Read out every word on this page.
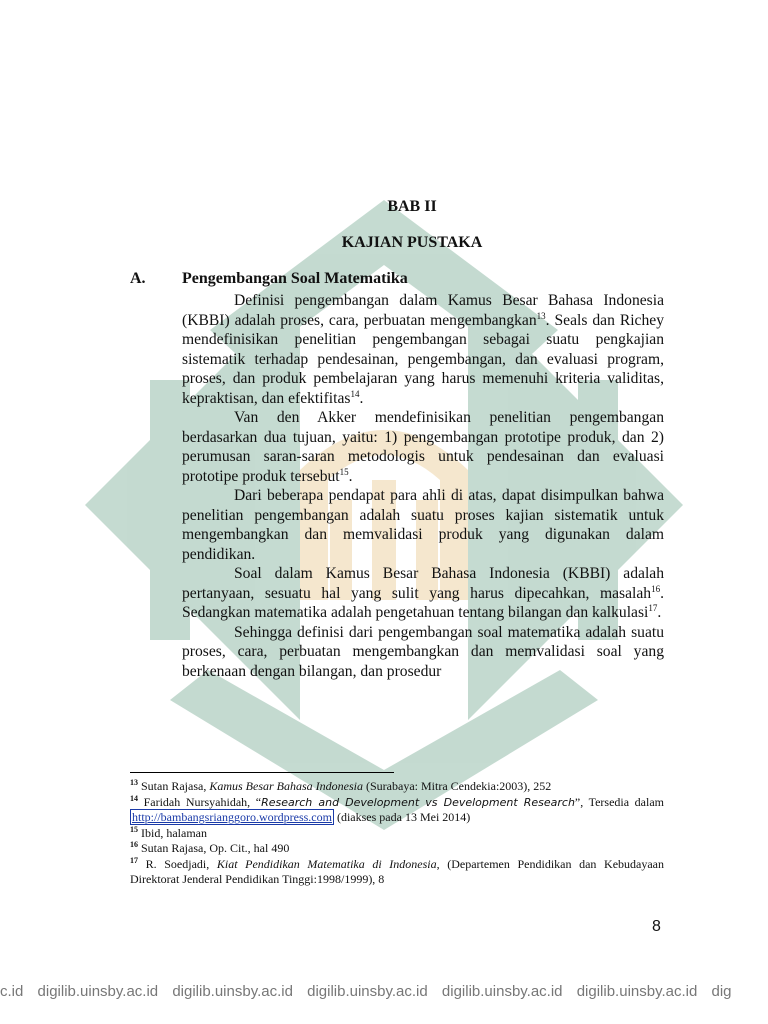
BAB II
KAJIAN PUSTAKA
A. Pengembangan Soal Matematika

Definisi pengembangan dalam Kamus Besar Bahasa Indonesia (KBBI) adalah proses, cara, perbuatan mengembangkan$^{13}$. Seals dan Richey mendefinisikan penelitian pengembangan sebagai suatu pengkajian sistematik terhadap pendesainan, pengembangan, dan evaluasi program, proses, dan produk pembelajaran yang harus memenuhi kriteria validitas, kepraktisan, dan efektifitas$^{14}$.

Van den Akker mendefinisikan penelitian pengembangan berdasarkan dua tujuan, yaitu: 1) pengembangan prototipe produk, dan 2) perumusan saran-saran metodologis untuk pendesainan dan evaluasi prototipe produk tersebut$^{15}$.

Dari beberapa pendapat para ahli di atas, dapat disimpulkan bahwa penelitian pengembangan adalah suatu proses kajian sistematik untuk mengembangkan dan memvalidasi produk yang digunakan dalam pendidikan.

Soal dalam Kamus Besar Bahasa Indonesia (KBBI) adalah pertanyaan, sesuatu hal yang sulit yang harus dipecahkan, masalah$^{16}$. Sedangkan matematika adalah pengetahuan tentang bilangan dan kalkulasi$^{17}$.

Sehingga definisi dari pengembangan soal matematika adalah suatu proses, cara, perbuatan mengembangkan dan memvalidasi soal yang berkenaan dengan bilangan, dan prosedur

$^{13}$ Sutan Rajasa, Kamus Besar Bahasa Indonesia (Surabaya: Mitra Cendekia:2003), 252

$^{14}$ Faridah Nursyahidah, “Research and Development vs Development Research”, Tersedia dalam http://bambangsrianggoro.wordpress.com (diakses pada 13 Mei 2014)

$^{15}$ Ibid, halaman

$^{16}$ Sutan Rajasa, Op. Cit., hal 490

$^{17}$ R. Soedjadi, Kiat Pendidikan Matematika di Indonesia, (Departemen Pendidikan dan Kebudayaan Direktorat Jenderal Pendidikan Tinggi:1998/1999), 8

8
c.id digilib.uinsby.ac.id digilib.uinsby.ac.id digilib.uinsby.ac.id digilib.uinsby.ac.id digilib.uinsby.ac.id dig
